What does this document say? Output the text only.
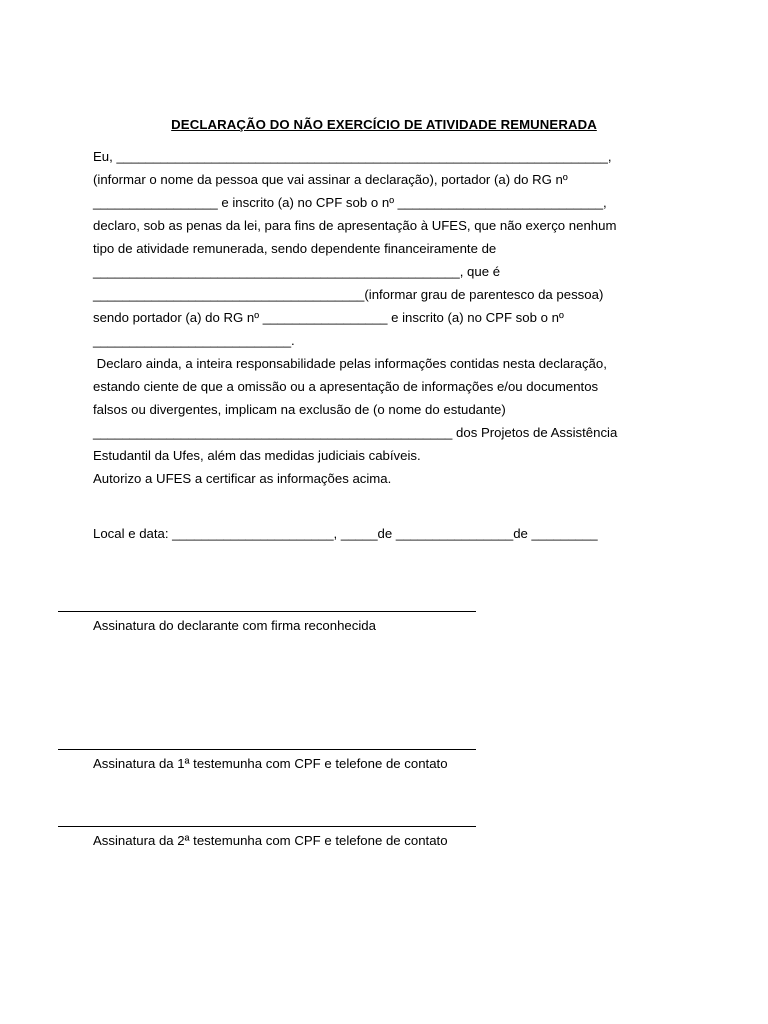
DECLARAÇÃO DO NÃO EXERCÍCIO DE ATIVIDADE REMUNERADA
Eu, ___________________________________________________________________,
(informar o nome da pessoa que vai assinar a declaração), portador (a) do RG nº
_________________ e inscrito (a) no CPF sob o nº ____________________________,
declaro, sob as penas da lei, para fins de apresentação à UFES, que não exerço nenhum
tipo de atividade remunerada, sendo dependente financeiramente de
__________________________________________________, que é
_____________________________________(informar grau de parentesco da pessoa)
sendo portador (a) do RG nº _________________ e inscrito (a) no CPF sob o nº
___________________________.
Declaro ainda, a inteira responsabilidade pelas informações contidas nesta declaração,
estando ciente de que a omissão ou a apresentação de informações e/ou documentos
falsos ou divergentes, implicam na exclusão de (o nome do estudante)
_________________________________________________ dos Projetos de Assistência
Estudantil da Ufes, além das medidas judiciais cabíveis.
Autorizo a UFES a certificar as informações acima.
Local e data: ______________________, _____de ________________de _________
Assinatura do declarante com firma reconhecida
Assinatura da 1ª testemunha com CPF e telefone de contato
Assinatura da 2ª testemunha com CPF e telefone de contato
